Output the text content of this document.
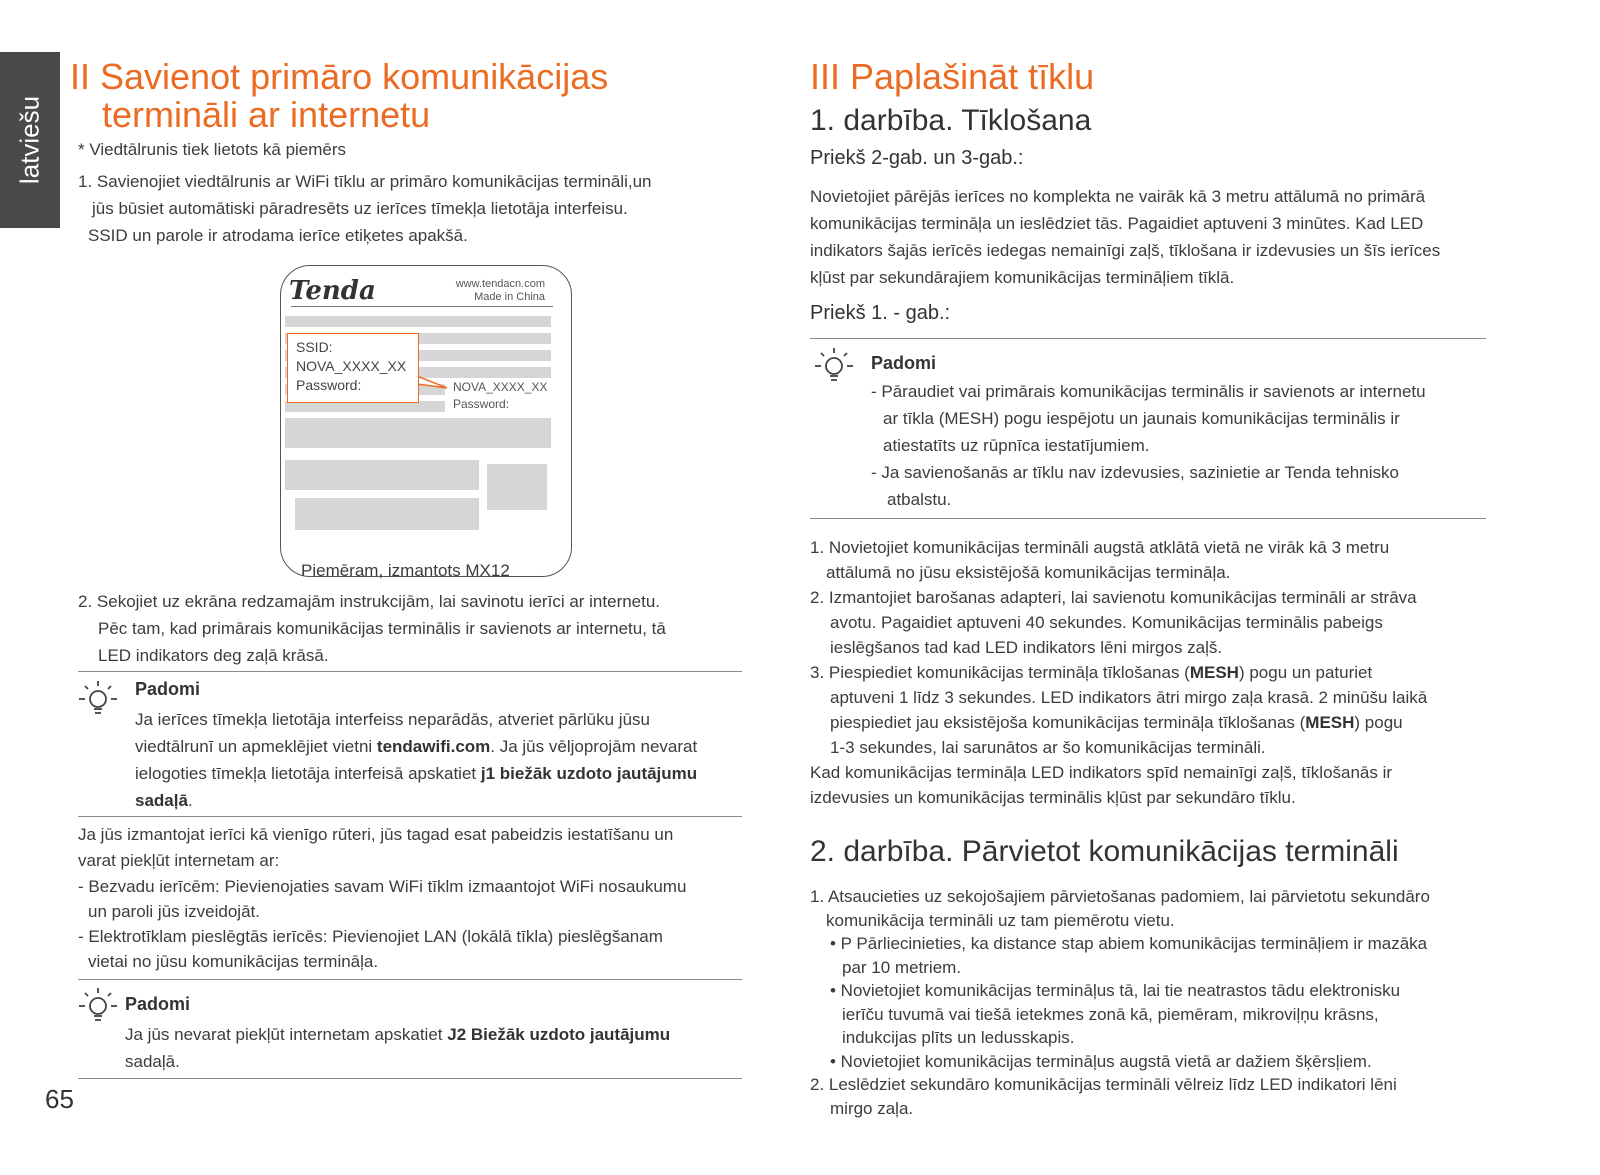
latviešu
II Savienot primāro komunikācijas
termināli ar internetu
* Viedtālrunis tiek lietots kā piemērs
1. Savienojiet viedtālrunis ar WiFi tīklu ar primāro komunikācijas termināli,un
jūs būsiet automātiski pāradresēts uz ierīces tīmekļa lietotāja interfeisu.
SSID un parole ir atrodama ierīce etiķetes apakšā.
Tenda	www.tendacn.com
Made in China
NOVA_XXXX_XX
Password:
SSID:
NOVA_XXXX_XX
Password:
Piemēram, izmantots MX12
2. Sekojiet uz ekrāna redzamajām instrukcijām, lai savinotu ierīci ar internetu.
Pēc tam, kad primārais komunikācijas terminālis ir savienots ar internetu, tā
LED indikators deg zaļā krāsā.
Padomi
Ja ierīces tīmekļa lietotāja interfeiss neparādās, atveriet pārlūku jūsu
viedtālrunī un apmeklējiet vietni tendawifi.com. Ja jūs vēljoprojām nevarat
ielogoties tīmekļa lietotāja interfeisā apskatiet j1 biežāk uzdoto jautājumu
sadaļā.
Ja jūs izmantojat ierīci kā vienīgo rūteri, jūs tagad esat pabeidzis iestatīšanu un
varat piekļūt internetam ar:
- Bezvadu ierīcēm: Pievienojaties savam WiFi tīklm izmaantojot WiFi nosaukumu
un paroli jūs izveidojāt.
- Elektrotīklam pieslēgtās ierīcēs: Pievienojiet LAN (lokālā tīkla) pieslēgšanam
vietai no jūsu komunikācijas termināļa.
Padomi
Ja jūs nevarat piekļūt internetam apskatiet J2 Biežāk uzdoto jautājumu
sadaļā.
65
III Paplašināt tīklu
1. darbība. Tīklošana
Priekš 2-gab. un 3-gab.:
Novietojiet pārējās ierīces no komplekta ne vairāk kā 3 metru attālumā no primārā
komunikācijas termināļa un ieslēdziet tās. Pagaidiet aptuveni 3 minūtes. Kad LED
indikators šajās ierīcēs iedegas nemainīgi zaļš, tīklošana ir izdevusies un šīs ierīces
kļūst par sekundārajiem komunikācijas termināļiem tīklā.
Priekš 1. - gab.:
Padomi
- Pāraudiet vai primārais komunikācijas terminālis ir savienots ar internetu
ar tīkla (MESH) pogu iespējotu un jaunais komunikācijas terminālis ir
atiestatīts uz rūpnīca iestatījumiem.
- Ja savienošanās ar tīklu nav izdevusies, sazinietie ar Tenda tehnisko
atbalstu.
1. Novietojiet komunikācijas termināli augstā atklātā vietā ne virāk kā 3 metru
attālumā no jūsu eksistējošā komunikācijas termināļa.
2. Izmantojiet barošanas adapteri, lai savienotu komunikācijas termināli ar strāva
avotu. Pagaidiet aptuveni 40 sekundes. Komunikācijas terminālis pabeigs
ieslēgšanos tad kad LED indikators lēni mirgos zaļš.
3. Piespiediet komunikācijas termināļa tīklošanas (MESH) pogu un paturiet
aptuveni 1 līdz 3 sekundes. LED indikators ātri mirgo zaļa krasā. 2 minūšu laikā
piespiediet jau eksistējoša komunikācijas termināļa tīklošanas (MESH) pogu
1-3 sekundes, lai sarunātos ar šo komunikācijas termināli.
Kad komunikācijas termināļa LED indikators spīd nemainīgi zaļš, tīklošanās ir
izdevusies un komunikācijas terminālis kļūst par sekundāro tīklu.
2. darbība. Pārvietot komunikācijas termināli
1. Atsaucieties uz sekojošajiem pārvietošanas padomiem, lai pārvietotu sekundāro
komunikācija termināli uz tam piemērotu vietu.
• P Pārliecinieties, ka distance stap abiem komunikācijas termināļiem ir mazāka
par 10 metriem.
• Novietojiet komunikācijas termināļus tā, lai tie neatrastos tādu elektronisku
ierīču tuvumā vai tiešā ietekmes zonā kā, piemēram, mikroviļņu krāsns,
indukcijas plīts un ledusskapis.
• Novietojiet komunikācijas termināļus augstā vietā ar dažiem šķērsļiem.
2. Leslēdziet sekundāro komunikācijas termināli vēlreiz līdz LED indikatori lēni
mirgo zaļa.
